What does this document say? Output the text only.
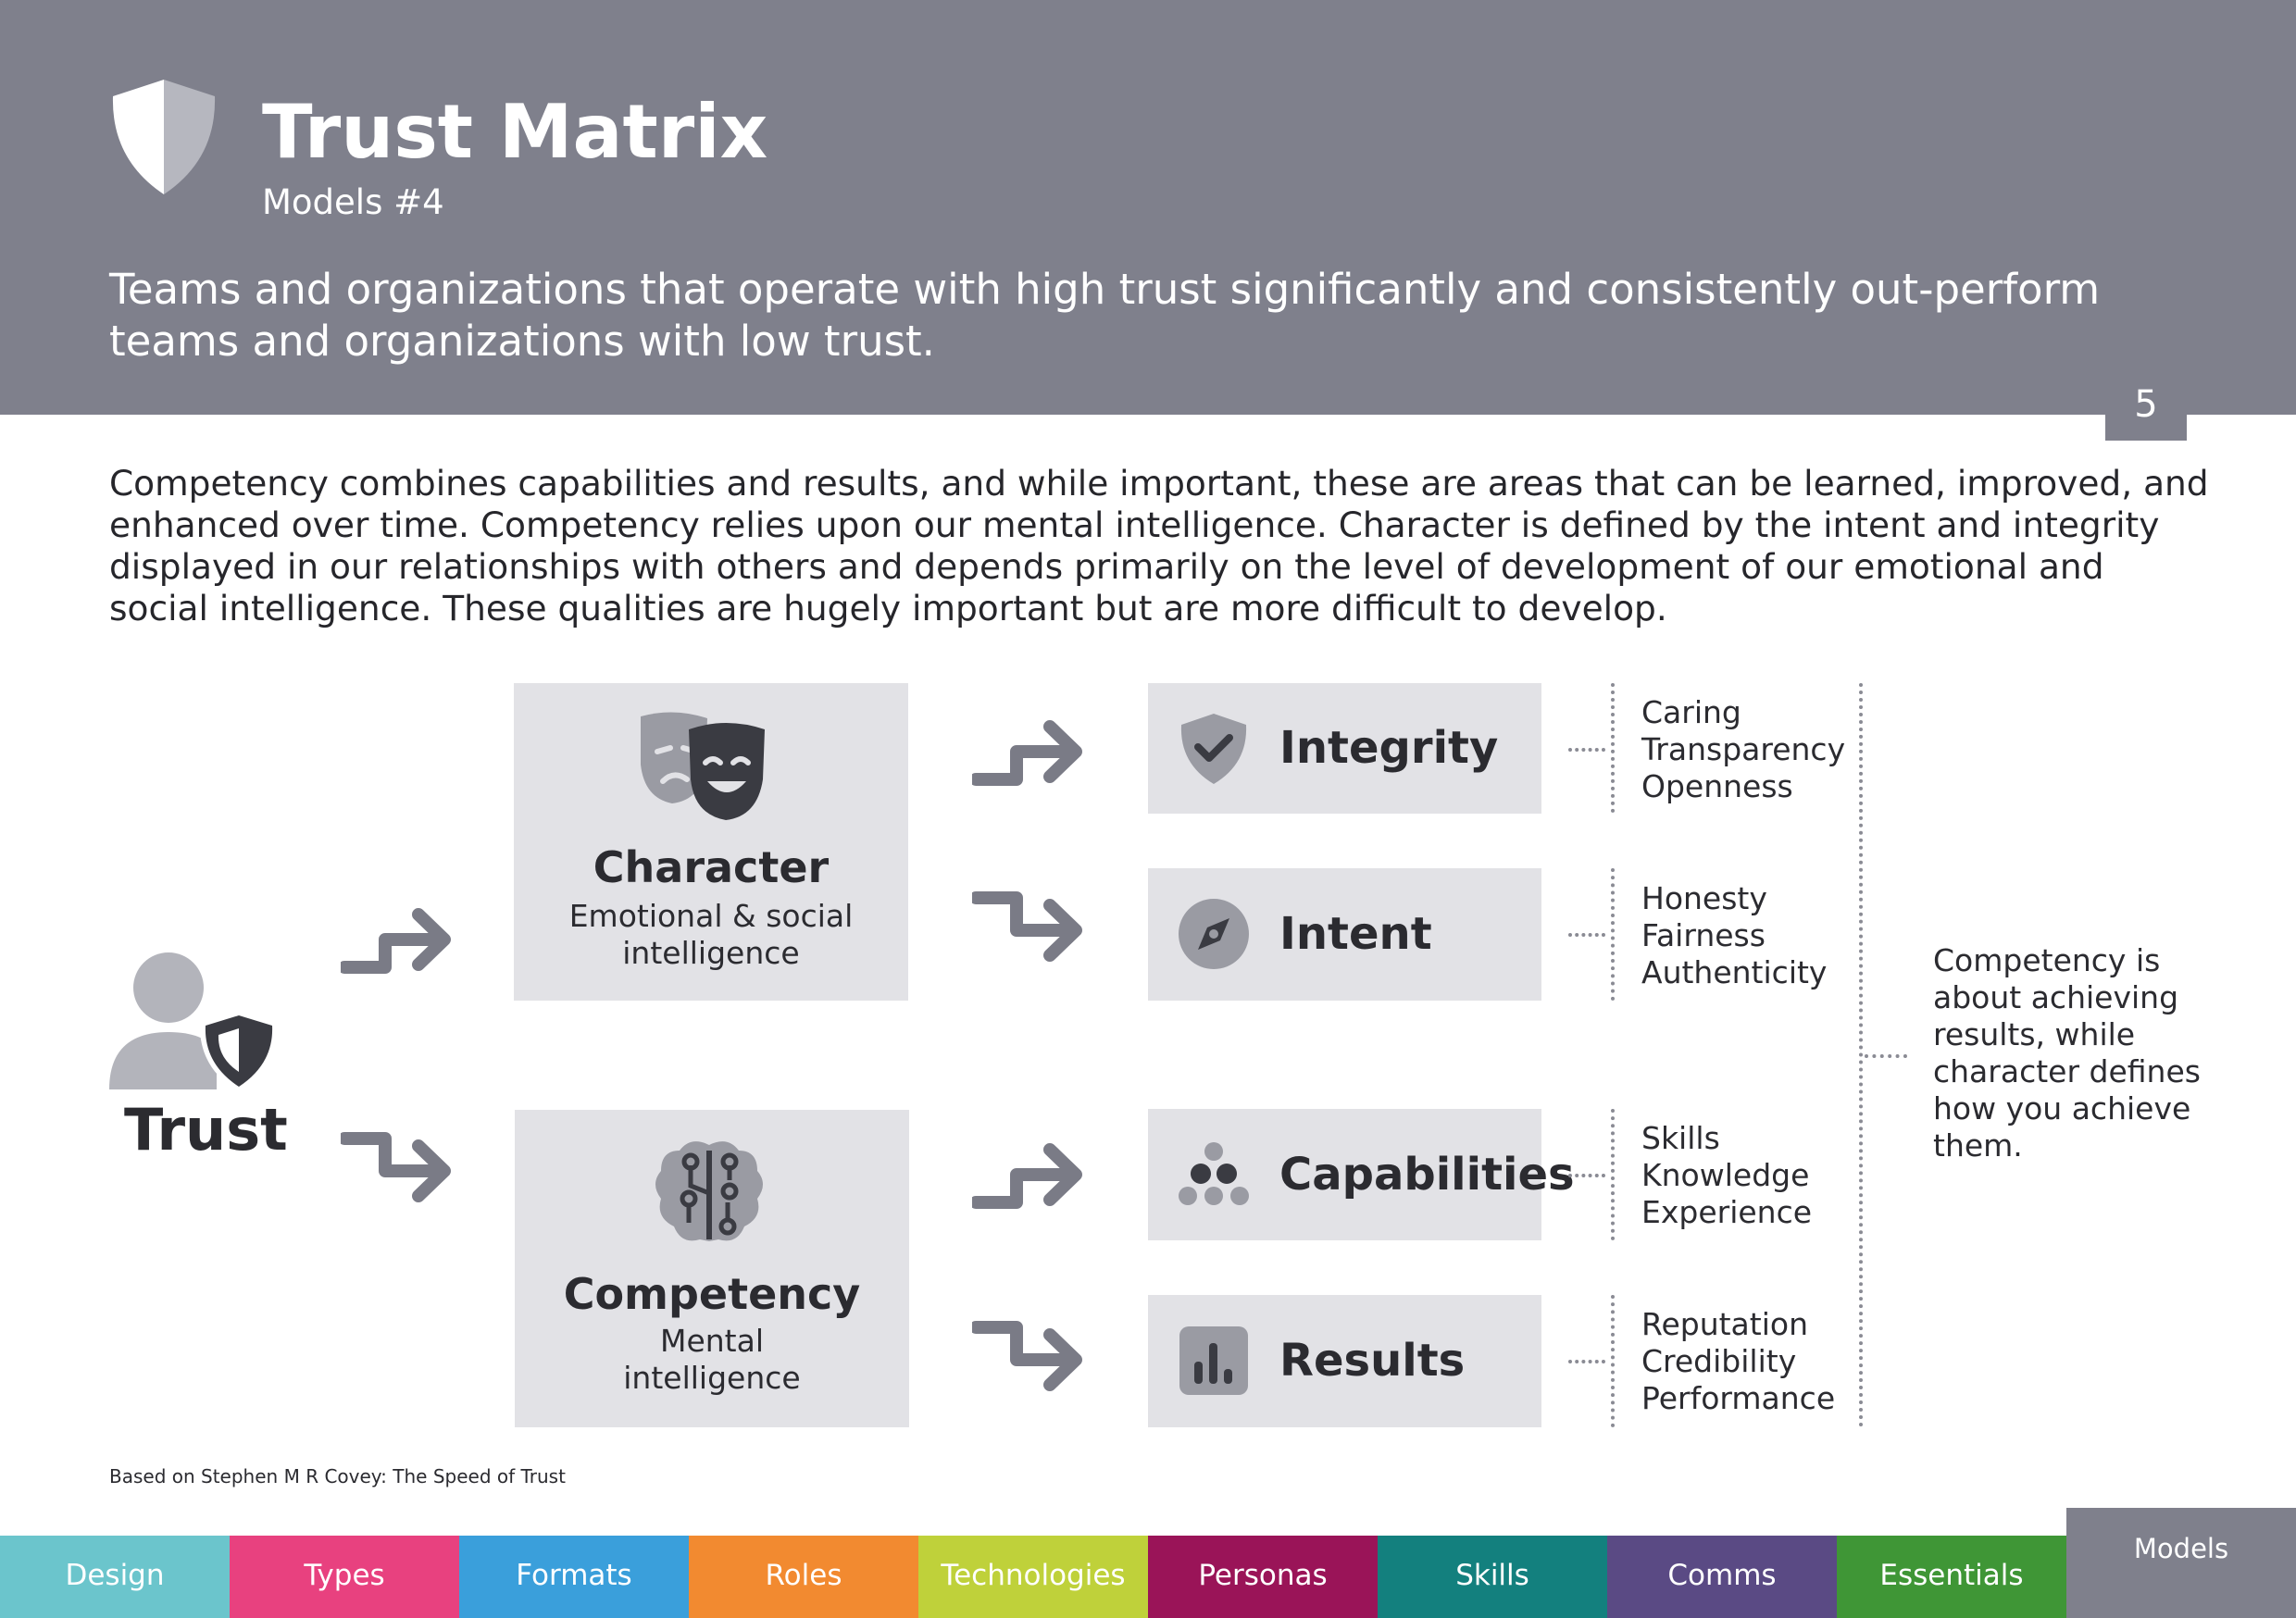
Trust Matrix
Models #4
Teams and organizations that operate with high trust significantly and consistently out-perform teams and organizations with low trust.
5
Competency combines capabilities and results, and while important, these are areas that can be learned, improved, and enhanced over time. Competency relies upon our mental intelligence. Character is defined by the intent and integrity displayed in our relationships with others and depends primarily on the level of development of our emotional and social intelligence. These qualities are hugely important but are more difficult to develop.
Trust
Character
Emotional & social
intelligence
Competency
Mental
intelligence
Integrity
Intent
Capabilities
Results
Caring
Transparency
Openness
Honesty
Fairness
Authenticity
Skills
Knowledge
Experience
Reputation
Credibility
Performance
Competency is about achieving results, while character defines how you achieve them.
Based on Stephen M R Covey: The Speed of Trust
Design	Types	Formats	Roles	Technologies	Personas	Skills	Comms	Essentials
Models
